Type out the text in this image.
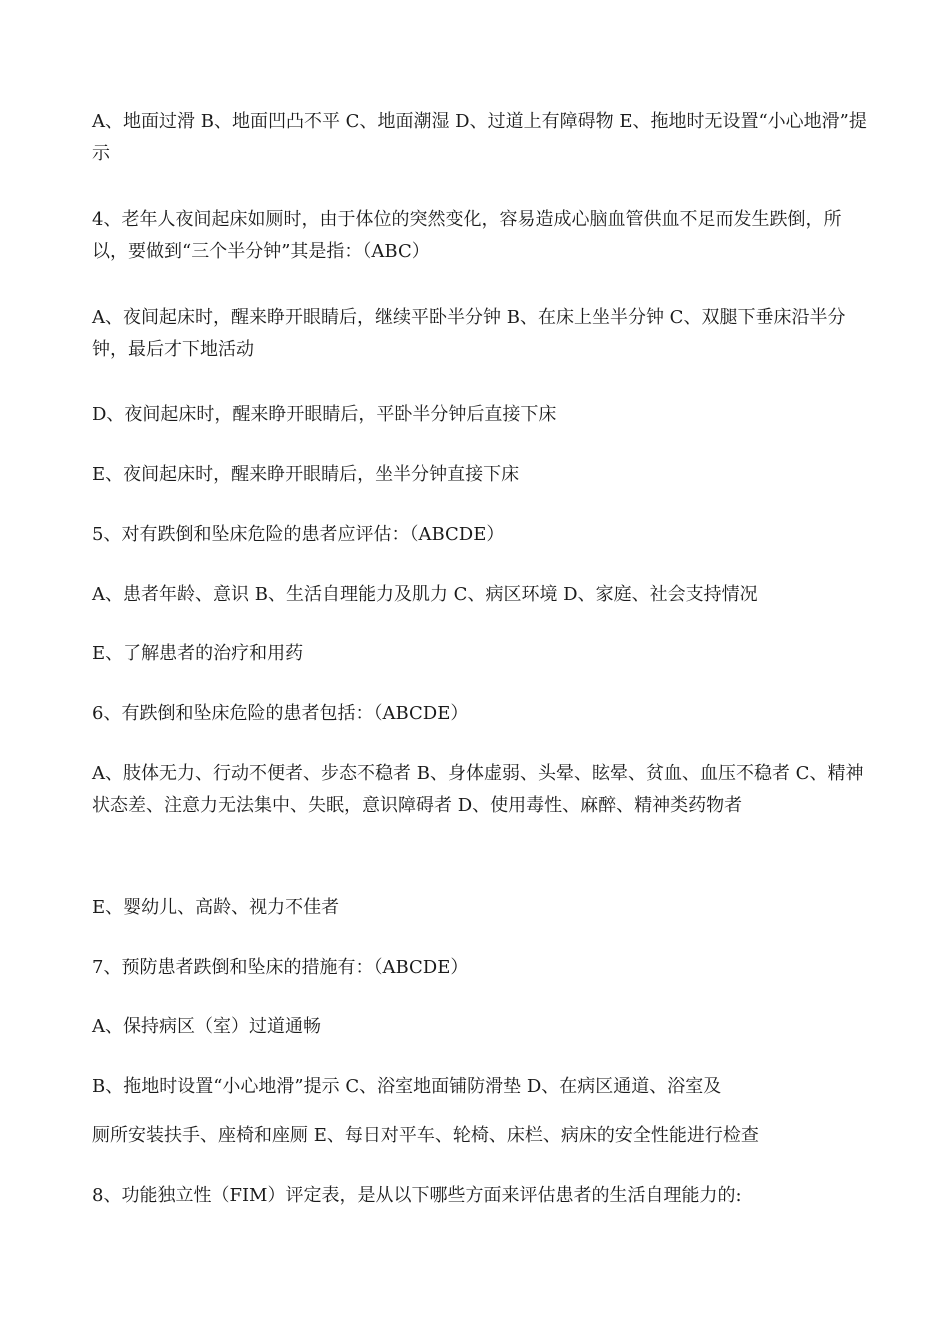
A、地面过滑 B、地面凹凸不平 C、地面潮湿 D、过道上有障碍物 E、拖地时无设置“小心地滑”提示
4、老年人夜间起床如厕时，由于体位的突然变化，容易造成心脑血管供血不足而发生跌倒，所以，要做到“三个半分钟”其是指：（ABC）
A、夜间起床时，醒来睁开眼睛后，继续平卧半分钟 B、在床上坐半分钟 C、双腿下垂床沿半分钟，最后才下地活动
D、夜间起床时，醒来睁开眼睛后，平卧半分钟后直接下床
E、夜间起床时，醒来睁开眼睛后，坐半分钟直接下床
5、对有跌倒和坠床危险的患者应评估：（ABCDE）
A、患者年龄、意识 B、生活自理能力及肌力 C、病区环境 D、家庭、社会支持情况
E、了解患者的治疗和用药
6、有跌倒和坠床危险的患者包括：（ABCDE）
A、肢体无力、行动不便者、步态不稳者 B、身体虚弱、头晕、眩晕、贫血、血压不稳者 C、精神状态差、注意力无法集中、失眠，意识障碍者 D、使用毒性、麻醉、精神类药物者
E、婴幼儿、高龄、视力不佳者
7、预防患者跌倒和坠床的措施有：（ABCDE）
A、保持病区（室）过道通畅
B、拖地时设置“小心地滑”提示 C、浴室地面铺防滑垫 D、在病区通道、浴室及
厕所安装扶手、座椅和座厕 E、每日对平车、轮椅、床栏、病床的安全性能进行检查
8、功能独立性（FIM）评定表，是从以下哪些方面来评估患者的生活自理能力的:
